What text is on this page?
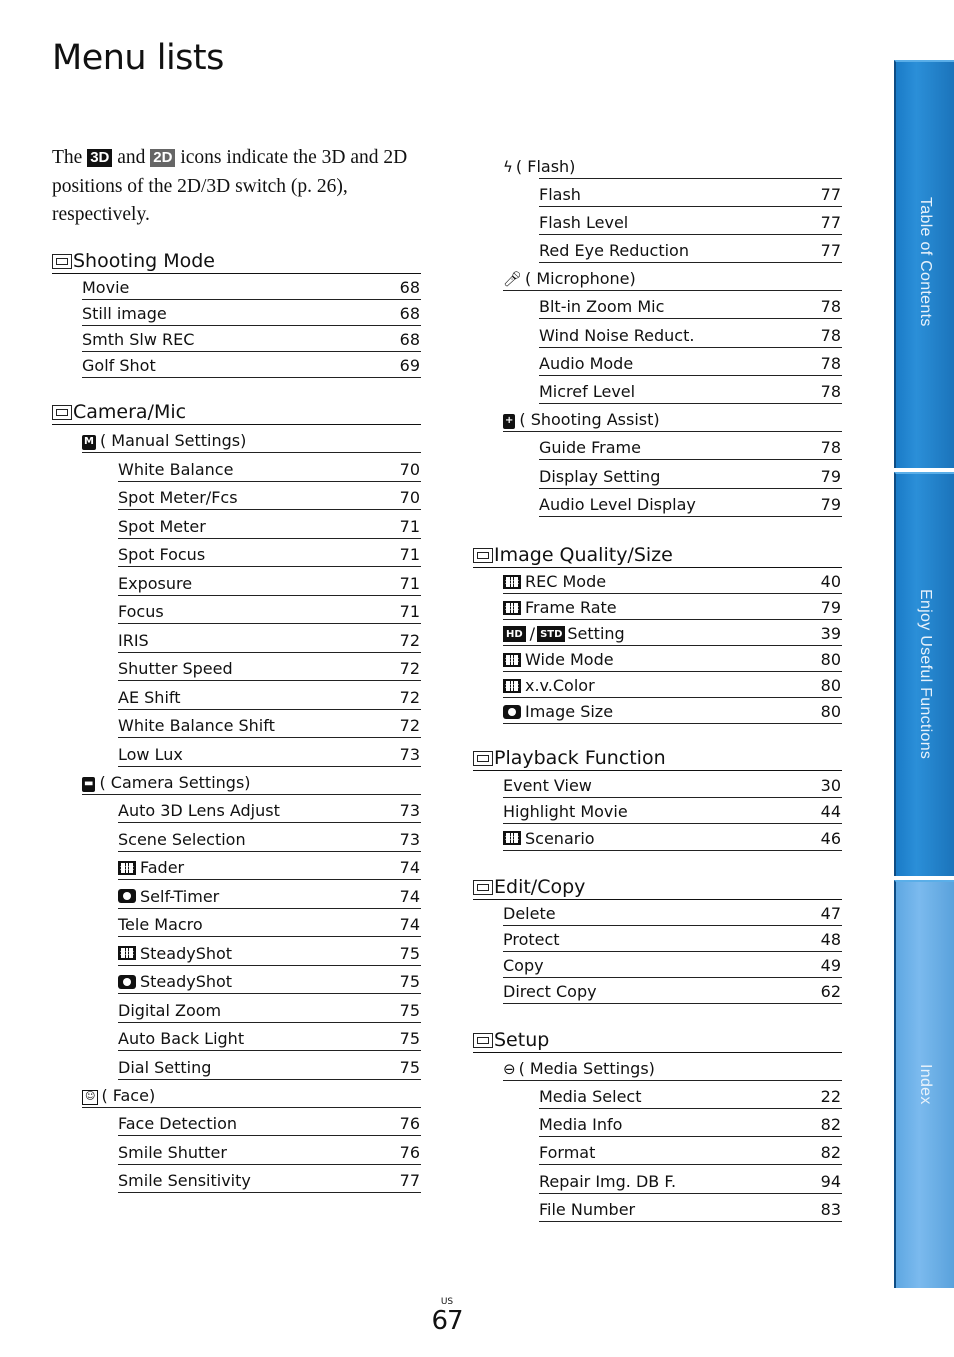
Menu lists

The 3D and 2D icons indicate the 3D and 2D positions of the 2D/3D switch (p. 26), respectively.

Shooting Mode
Movie	68
Still image	68
Smth Slw REC	68
Golf Shot	69
Camera/Mic
M ( Manual Settings)
White Balance	70
Spot Meter/Fcs	70
Spot Meter	71
Spot Focus	71
Exposure	71
Focus	71
IRIS	72
Shutter Speed	72
AE Shift	72
White Balance Shift	72
Low Lux	73
▬ ( Camera Settings)
Auto 3D Lens Adjust	73
Scene Selection	73
Fader	74
Self-Timer	74
Tele Macro	74
SteadyShot	75
SteadyShot	75
Digital Zoom	75
Auto Back Light	75
Dial Setting	75
☺ ( Face)
Face Detection	76
Smile Shutter	76
Smile Sensitivity	77
ϟ ( Flash)
Flash	77
Flash Level	77
Red Eye Reduction	77
🎤︎ ( Microphone)
Blt-in Zoom Mic	78
Wind Noise Reduct.	78
Audio Mode	78
Micref Level	78
+ ( Shooting Assist)
Guide Frame	78
Display Setting	79
Audio Level Display	79
Image Quality/Size
REC Mode	40
Frame Rate	79
HD / STD Setting	39
Wide Mode	80
x.v.Color	80
Image Size	80
Playback Function
Event View	30
Highlight Movie	44
Scenario	46
Edit/Copy
Delete	47
Protect	48
Copy	49
Direct Copy	62
Setup
⊖ ( Media Settings)
Media Select	22
Media Info	82
Format	82
Repair Img. DB F.	94
File Number	83
Table of Contents
Enjoy Useful Functions
Index
US
67
